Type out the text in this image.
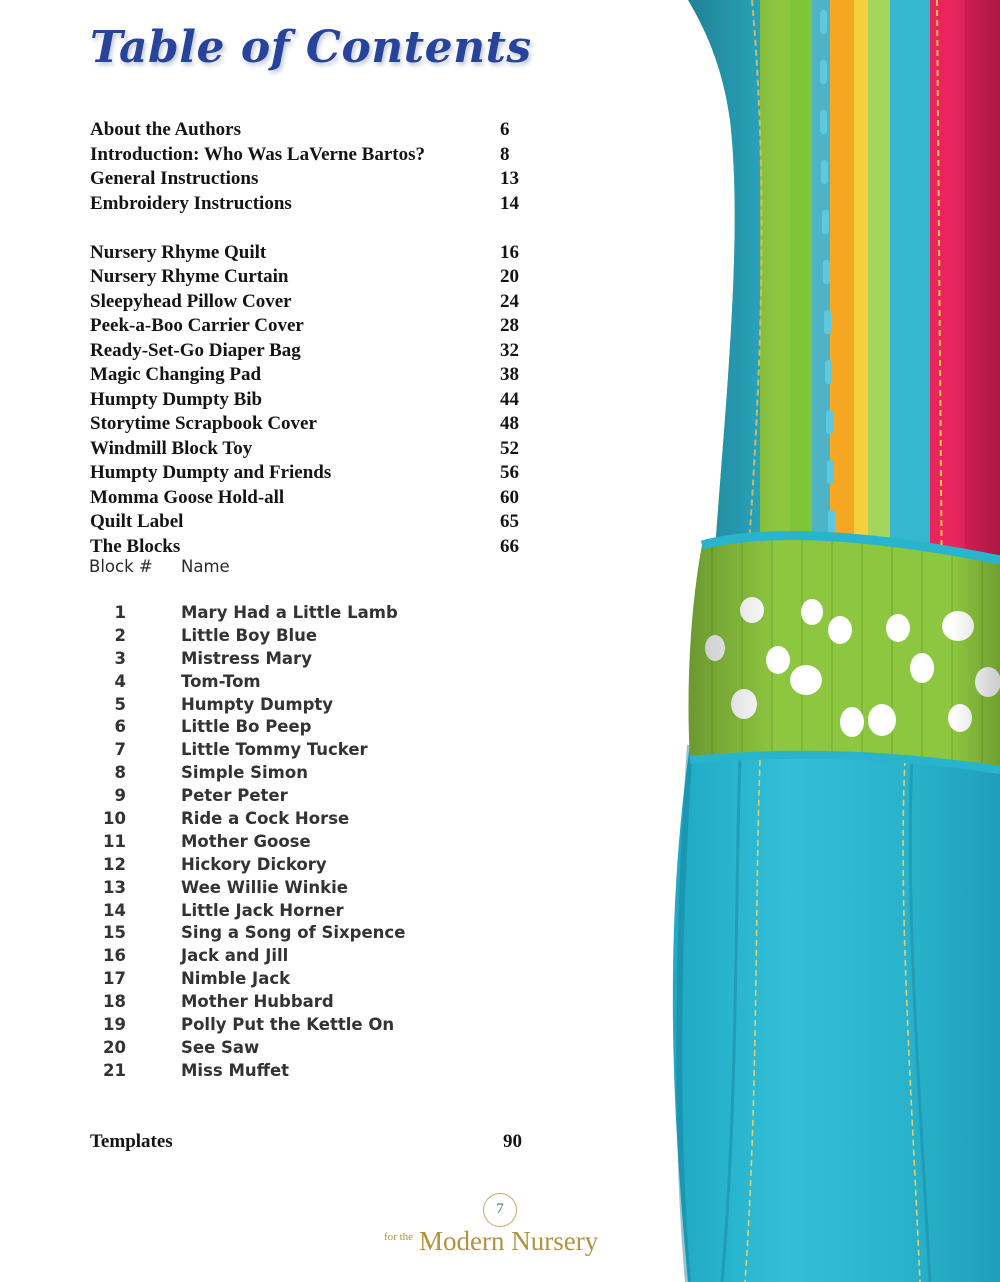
Table of Contents
About the Authors	6
Introduction: Who Was LaVerne Bartos?	8
General Instructions	13
Embroidery Instructions	14
Nursery Rhyme Quilt	16
Nursery Rhyme Curtain	20
Sleepyhead Pillow Cover	24
Peek-a-Boo Carrier Cover	28
Ready-Set-Go Diaper Bag	32
Magic Changing Pad	38
Humpty Dumpty Bib	44
Storytime Scrapbook Cover	48
Windmill Block Toy	52
Humpty Dumpty and Friends	56
Momma Goose Hold-all	60
Quilt Label	65
The Blocks	66
Block # Name
1	Mary Had a Little Lamb
2	Little Boy Blue
3	Mistress Mary
4	Tom-Tom
5	Humpty Dumpty
6	Little Bo Peep
7	Little Tommy Tucker
8	Simple Simon
9	Peter Peter
10	Ride a Cock Horse
11	Mother Goose
12	Hickory Dickory
13	Wee Willie Winkie
14	Little Jack Horner
15	Sing a Song of Sixpence
16	Jack and Jill
17	Nimble Jack
18	Mother Hubbard
19	Polly Put the Kettle On
20	See Saw
21	Miss Muffet
Templates	90
7
$^{for the}$ Modern Nursery
